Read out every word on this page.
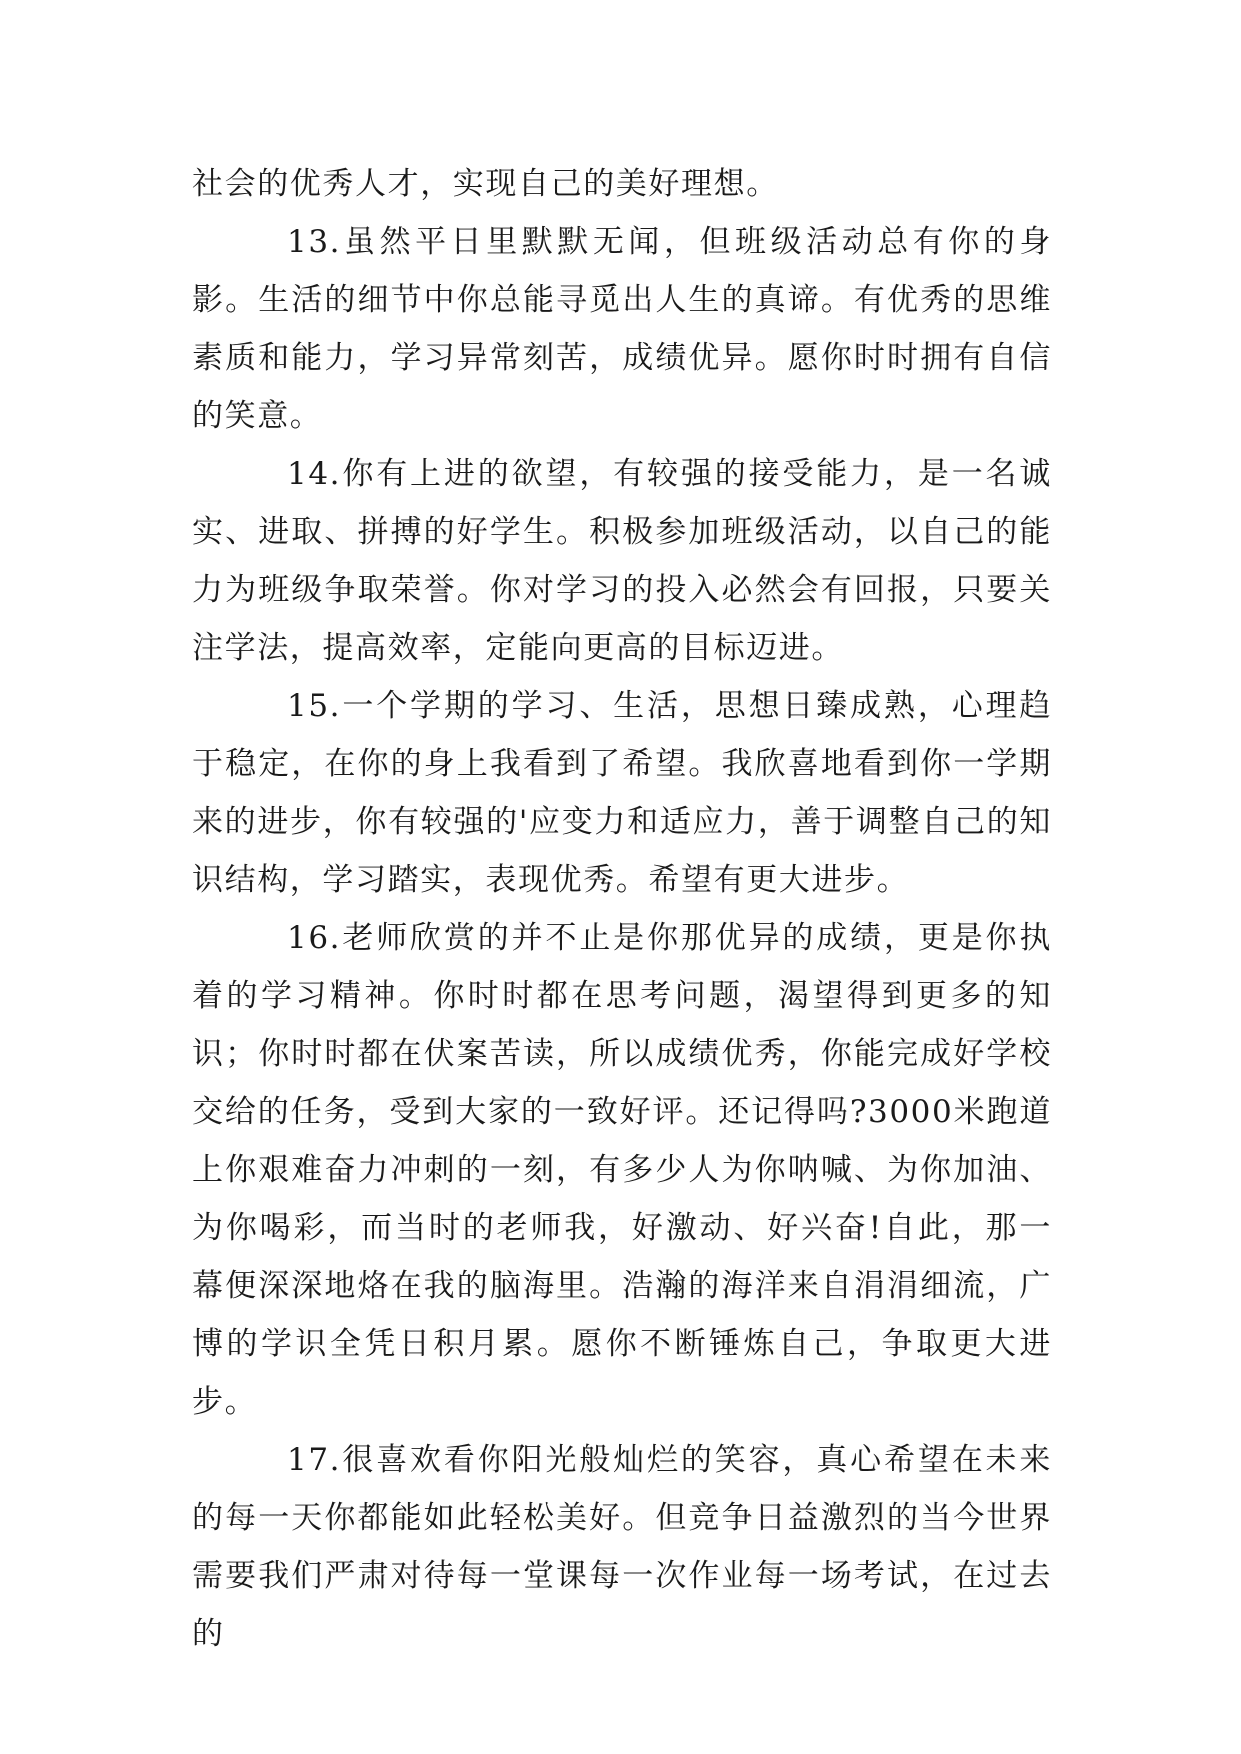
社会的优秀人才，实现自己的美好理想。

13.虽然平日里默默无闻，但班级活动总有你的身影。生活的细节中你总能寻觅出人生的真谛。有优秀的思维素质和能力，学习异常刻苦，成绩优异。愿你时时拥有自信的笑意。

14.你有上进的欲望，有较强的接受能力，是一名诚实、进取、拼搏的好学生。积极参加班级活动，以自己的能力为班级争取荣誉。你对学习的投入必然会有回报，只要关注学法，提高效率，定能向更高的目标迈进。

15.一个学期的学习、生活，思想日臻成熟，心理趋于稳定，在你的身上我看到了希望。我欣喜地看到你一学期来的进步，你有较强的'应变力和适应力，善于调整自己的知识结构，学习踏实，表现优秀。希望有更大进步。

16.老师欣赏的并不止是你那优异的成绩，更是你执着的学习精神。你时时都在思考问题，渴望得到更多的知识；你时时都在伏案苦读，所以成绩优秀，你能完成好学校交给的任务，受到大家的一致好评。还记得吗?3000米跑道上你艰难奋力冲刺的一刻，有多少人为你呐喊、为你加油、为你喝彩，而当时的老师我，好激动、好兴奋!自此，那一幕便深深地烙在我的脑海里。浩瀚的海洋来自涓涓细流，广博的学识全凭日积月累。愿你不断锤炼自己，争取更大进步。

17.很喜欢看你阳光般灿烂的笑容，真心希望在未来的每一天你都能如此轻松美好。但竞争日益激烈的当今世界需要我们严肃对待每一堂课每一次作业每一场考试，在过去的
